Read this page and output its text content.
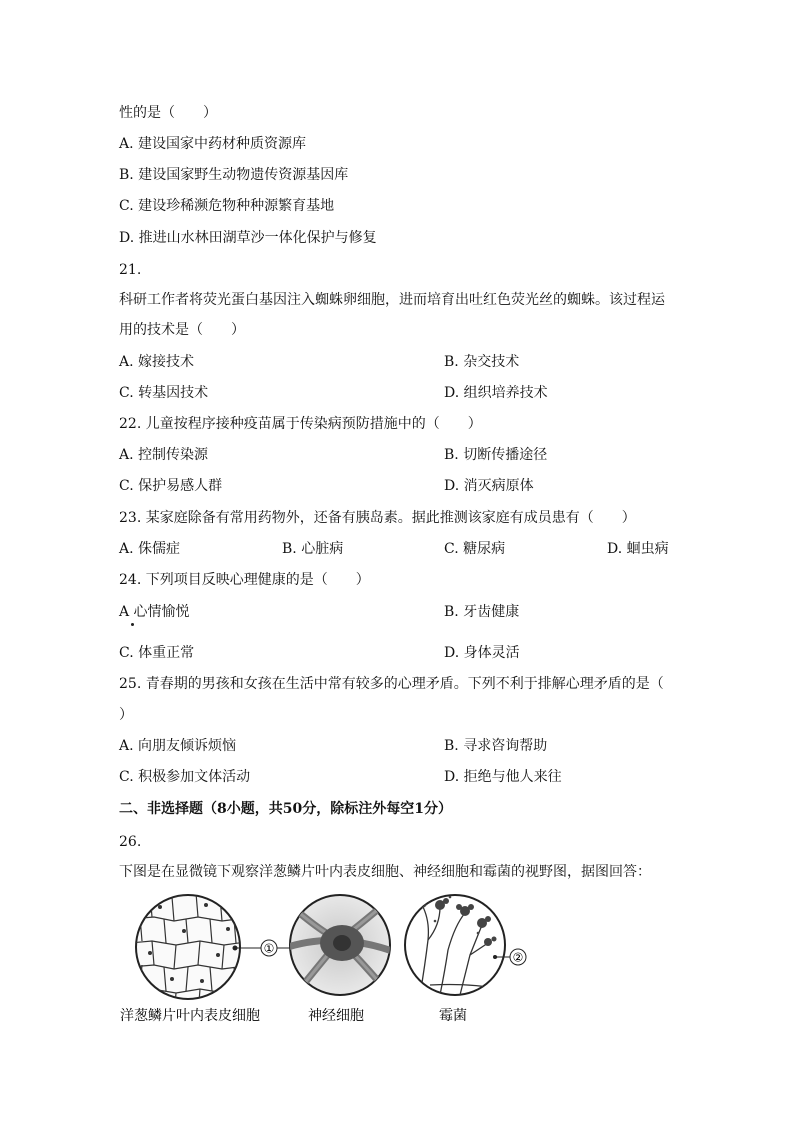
性的是（　　）
A. 建设国家中药材种质资源库
B. 建设国家野生动物遗传资源基因库
C. 建设珍稀濒危物种种源繁育基地
D. 推进山水林田湖草沙一体化保护与修复
21.
科研工作者将荧光蛋白基因注入蜘蛛卵细胞，进而培育出吐红色荧光丝的蜘蛛。该过程运
用的技术是（　　）
A. 嫁接技术	B. 杂交技术
C. 转基因技术	D. 组织培养技术
22. 儿童按程序接种疫苗属于传染病预防措施中的（　　）
A. 控制传染源	B. 切断传播途径
C. 保护易感人群	D. 消灭病原体
23. 某家庭除备有常用药物外，还备有胰岛素。据此推测该家庭有成员患有（　　）
A. 侏儒症	B. 心脏病	C. 糖尿病	D. 蛔虫病
24. 下列项目反映心理健康的是（　　）
A 心情愉悦	B. 牙齿健康
C. 体重正常	D. 身体灵活
25. 青春期的男孩和女孩在生活中常有较多的心理矛盾。下列不利于排解心理矛盾的是（
）
A. 向朋友倾诉烦恼	B. 寻求咨询帮助
C. 积极参加文体活动	D. 拒绝与他人来往
二、非选择题（8小题，共50分，除标注外每空1分）
26.
下图是在显微镜下观察洋葱鳞片叶内表皮细胞、神经细胞和霉菌的视野图，据图回答：
①
②
洋葱鳞片叶内表皮细胞	神经细胞	霉菌
